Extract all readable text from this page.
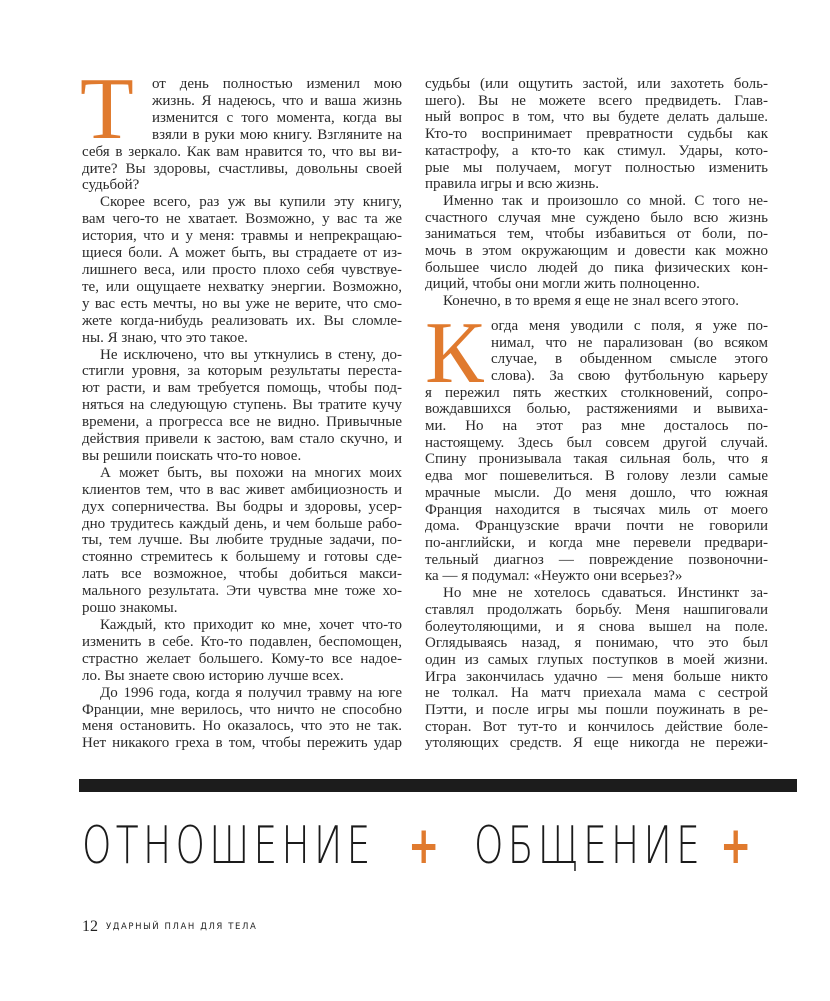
Т	от день полностью изменил мою
жизнь. Я надеюсь, что и ваша жизнь
изменится с того момента, когда вы
взяли в руки мою книгу. Взгляните на
себя в зеркало. Как вам нравится то, что вы ви-
дите? Вы здоровы, счастливы, довольны своей
судьбой?
Скорее всего, раз уж вы купили эту книгу,
вам чего-то не хватает. Возможно, у вас та же
история, что и у меня: травмы и непрекращаю-
щиеся боли. А может быть, вы страдаете от из-
лишнего веса, или просто плохо себя чувствуе-
те, или ощущаете нехватку энергии. Возможно,
у вас есть мечты, но вы уже не верите, что смо-
жете когда-нибудь реализовать их. Вы сломле-
ны. Я знаю, что это такое.
Не исключено, что вы уткнулись в стену, до-
стигли уровня, за которым результаты переста-
ют расти, и вам требуется помощь, чтобы под-
няться на следующую ступень. Вы тратите кучу
времени, а прогресса все не видно. Привычные
действия привели к застою, вам стало скучно, и
вы решили поискать что-то новое.
А может быть, вы похожи на многих моих
клиентов тем, что в вас живет амбициозность и
дух соперничества. Вы бодры и здоровы, усер-
дно трудитесь каждый день, и чем больше рабо-
ты, тем лучше. Вы любите трудные задачи, по-
стоянно стремитесь к большему и готовы сде-
лать все возможное, чтобы добиться макси-
мального результата. Эти чувства мне тоже хо-
рошо знакомы.
Каждый, кто приходит ко мне, хочет что-то
изменить в себе. Кто-то подавлен, беспомощен,
страстно желает большего. Кому-то все надое-
ло. Вы знаете свою историю лучше всех.
До 1996 года, когда я получил травму на юге
Франции, мне верилось, что ничто не способно
меня остановить. Но оказалось, что это не так.
Нет никакого греха в том, чтобы пережить удар
судьбы (или ощутить застой, или захотеть боль-
шего). Вы не можете всего предвидеть. Глав-
ный вопрос в том, что вы будете делать дальше.
Кто-то воспринимает превратности судьбы как
катастрофу, а кто-то как стимул. Удары, кото-
рые мы получаем, могут полностью изменить
правила игры и всю жизнь.
Именно так и произошло со мной. С того не-
счастного случая мне суждено было всю жизнь
заниматься тем, чтобы избавиться от боли, по-
мочь в этом окружающим и довести как можно
большее число людей до пика физических кон-
диций, чтобы они могли жить полноценно.
Конечно, в то время я еще не знал всего этого.
К огда меня уводили с поля, я уже по-
нимал, что не парализован (во всяком
случае, в обыденном смысле этого
слова). За свою футбольную карьеру
я пережил пять жестких столкновений, сопро-
вождавшихся болью, растяжениями и вывиха-
ми. Но на этот раз мне досталось по-
настоящему. Здесь был совсем другой случай.
Спину пронизывала такая сильная боль, что я
едва мог пошевелиться. В голову лезли самые
мрачные мысли. До меня дошло, что южная
Франция находится в тысячах миль от моего
дома. Французские врачи почти не говорили
по-английски, и когда мне перевели предвари-
тельный диагноз — повреждение позвоночни-
ка — я подумал: «Неужто они всерьез?»
Но мне не хотелось сдаваться. Инстинкт за-
ставлял продолжать борьбу. Меня нашпиговали
болеутоляющими, и я снова вышел на поле.
Оглядываясь назад, я понимаю, что это был
один из самых глупых поступков в моей жизни.
Игра закончилась удачно — меня больше никто
не толкал. На матч приехала мама с сестрой
Пэтти, и после игры мы пошли поужинать в ре-
сторан. Вот тут-то и кончилось действие боле-
утоляющих средств. Я еще никогда не пережи-
ОТНОШЕНИЕ + ОБЩЕНИЕ +
12 УДАРНЫЙ ПЛАН ДЛЯ ТЕЛА
